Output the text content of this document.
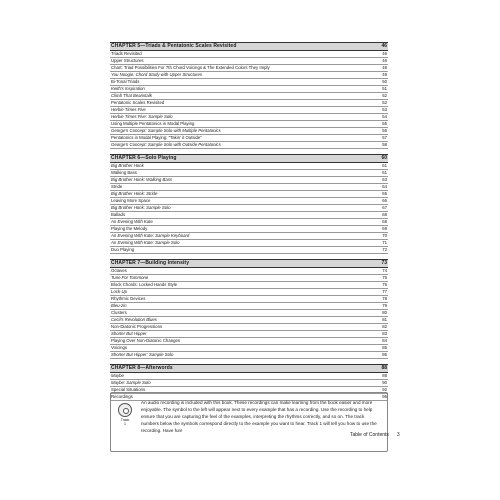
CHAPTER 5—Triads & Pentatonic Scales Revisited	46
Triads Revisited	46
Upper Structures	46
Chart: Triad Possibilities For 7th Chord Voicings & The Extended Colors They Imply	48
You Noogie: Chord Study with Upper Structures	49
Bi-Tonal Triads	50
Keith's Inspiration	51
Climb That Beanstalk	52
Pentatonic Scales Revisited	52
Herbie Times Five	53
Herbie Times Five: Sample Solo	54
Using Multiple Pentatonics in Modal Playing	55
George's Concept: Sample Solo with Multiple Pentatonics	56
Pentatonics in Modal Playing: "Takin' it Outside"	57
George's Concept: Sample Solo with Outside Pentatonics	58
CHAPTER 6—Solo Playing	60
Big Brother Honk	61
Walking Bass	61
Big Brother Honk: Walking Bass	63
Stride	64
Big Brother Honk: Stride	65
Leaving More Space	66
Big Brother Honk: Sample Solo	67
Ballads	68
An Evening With Kate	68
Playing the Melody	69
An Evening With Kate: Sample Keyboard	70
An Evening With Kate: Sample Solo	71
Duo Playing	72
CHAPTER 7—Building Intensity	73
Octaves	74
Tune For Tommone	75
Block Chords: Locked Hands Style	76
Lock-Up	77
Rhythmic Devices	78
Bleu-zin	79
Clusters	80
Cecil's Revolution Blues	81
Non-Diatonic Progressions	82
Shorter But Hipper	83
Playing Over Non-Diatonic Changes	84
Voicings	85
Shorter But Hipper: Sample Solo	86
CHAPTER 8—Afterwords	88
Maybe	88
Maybe: Sample Solo	90
Special Situations	92
Recordings	95
Track
1
An audio recording is included with this book. These recordings can make learning from the book easier and more enjoyable. The symbol to the left will appear next to every example that has a recording. Use the recording to help ensure that you are capturing the feel of the examples, interpreting the rhythms correctly, and so on. The track numbers below the symbols correspond directly to the example you want to hear. Track 1 will tell you how to use the recording. Have fun!
Table of Contents 3
